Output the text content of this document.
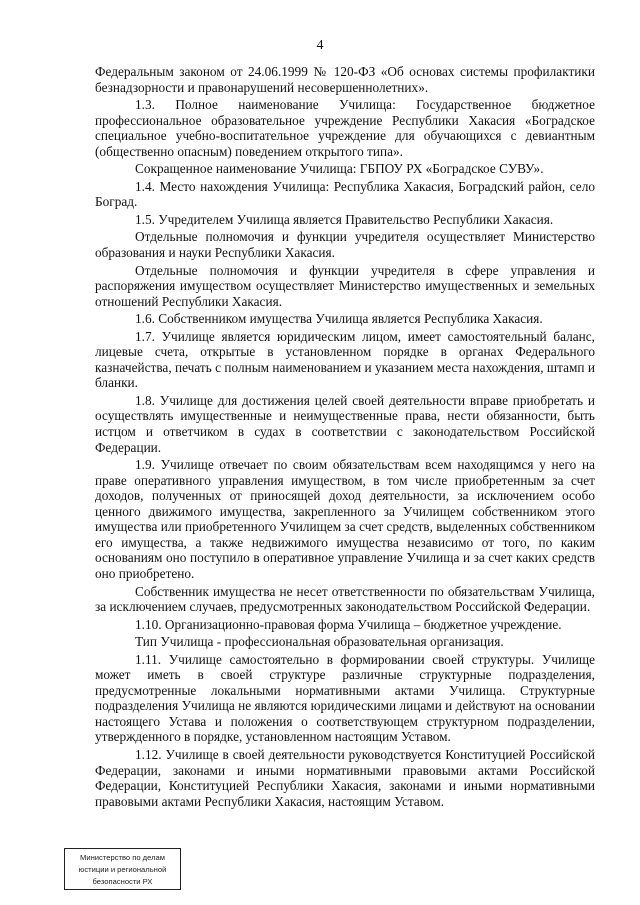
4

Федеральным законом от 24.06.1999 № 120-ФЗ «Об основах системы профилактики безнадзорности и правонарушений несовершеннолетних».

1.3. Полное наименование Училища: Государственное бюджетное профессиональное образовательное учреждение Республики Хакасия «Боградское специальное учебно-воспитательное учреждение для обучающихся с девиантным (общественно опасным) поведением открытого типа».

Сокращенное наименование Училища: ГБПОУ РХ «Боградское СУВУ».

1.4. Место нахождения Училища: Республика Хакасия, Боградский район, село Боград.

1.5. Учредителем Училища является Правительство Республики Хакасия.

Отдельные полномочия и функции учредителя осуществляет Министерство образования и науки Республики Хакасия.

Отдельные полномочия и функции учредителя в сфере управления и распоряжения имуществом осуществляет Министерство имущественных и земельных отношений Республики Хакасия.

1.6. Собственником имущества Училища является Республика Хакасия.

1.7. Училище является юридическим лицом, имеет самостоятельный баланс, лицевые счета, открытые в установленном порядке в органах Федерального казначейства, печать с полным наименованием и указанием места нахождения, штамп и бланки.

1.8. Училище для достижения целей своей деятельности вправе приобретать и осуществлять имущественные и неимущественные права, нести обязанности, быть истцом и ответчиком в судах в соответствии с законодательством Российской Федерации.

1.9. Училище отвечает по своим обязательствам всем находящимся у него на праве оперативного управления имуществом, в том числе приобретенным за счет доходов, полученных от приносящей доход деятельности, за исключением особо ценного движимого имущества, закрепленного за Училищем собственником этого имущества или приобретенного Училищем за счет средств, выделенных собственником его имущества, а также недвижимого имущества независимо от того, по каким основаниям оно поступило в оперативное управление Училища и за счет каких средств оно приобретено.

Собственник имущества не несет ответственности по обязательствам Училища, за исключением случаев, предусмотренных законодательством Российской Федерации.

1.10. Организационно-правовая форма Училища – бюджетное учреждение.

Тип Училища - профессиональная образовательная организация.

1.11. Училище самостоятельно в формировании своей структуры. Училище может иметь в своей структуре различные структурные подразделения, предусмотренные локальными нормативными актами Училища. Структурные подразделения Училища не являются юридическими лицами и действуют на основании настоящего Устава и положения о соответствующем структурном подразделении, утвержденного в порядке, установленном настоящим Уставом.

1.12. Училище в своей деятельности руководствуется Конституцией Российской Федерации, законами и иными нормативными правовыми актами Российской Федерации, Конституцией Республики Хакасия, законами и иными нормативными правовыми актами Республики Хакасия, настоящим Уставом.

Министерство по делам
юстиции и региональной
безопасности РХ
